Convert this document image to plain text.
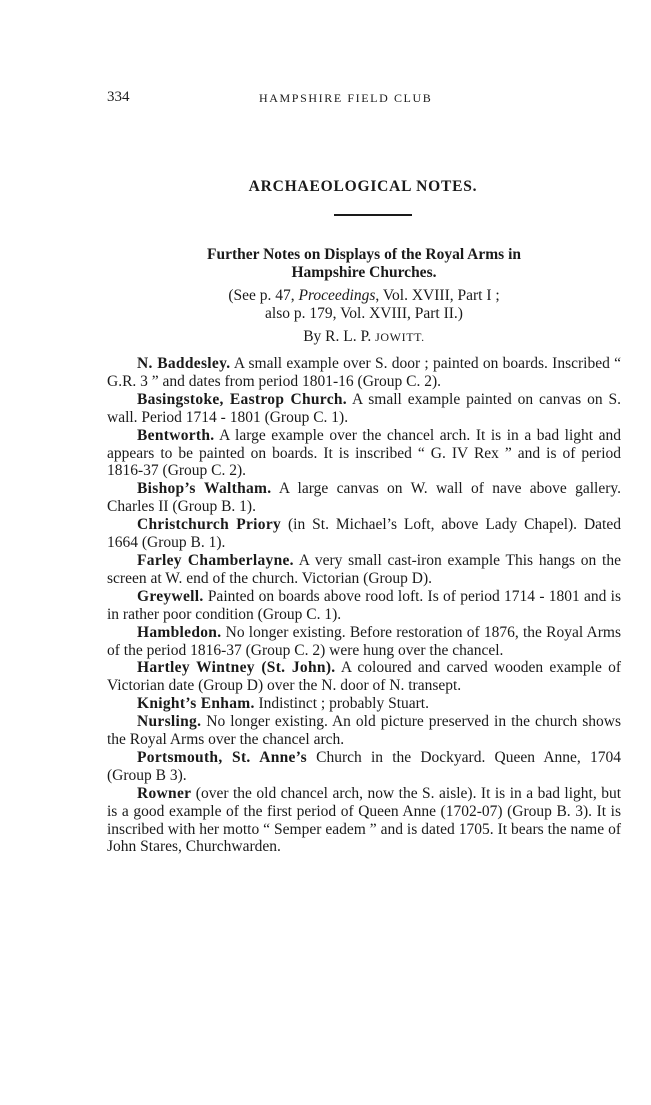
334	HAMPSHIRE FIELD CLUB
ARCHAEOLOGICAL NOTES.
Further Notes on Displays of the Royal Arms in
Hampshire Churches.
(See p. 47, Proceedings, Vol. XVIII, Part I ;
also p. 179, Vol. XVIII, Part II.)
By R. L. P. JOWITT.

N. Baddesley. A small example over S. door ; painted on boards. Inscribed “ G.R. 3 ” and dates from period 1801-16 (Group C. 2).

Basingstoke, Eastrop Church. A small example painted on canvas on S. wall. Period 1714 - 1801 (Group C. 1).

Bentworth. A large example over the chancel arch. It is in a bad light and appears to be painted on boards. It is inscribed “ G. IV Rex ” and is of period 1816-37 (Group C. 2).

Bishop’s Waltham. A large canvas on W. wall of nave above gallery. Charles II (Group B. 1).

Christchurch Priory (in St. Michael’s Loft, above Lady Chapel). Dated 1664 (Group B. 1).

Farley Chamberlayne. A very small cast-iron example This hangs on the screen at W. end of the church. Victorian (Group D).

Greywell. Painted on boards above rood loft. Is of period 1714 - 1801 and is in rather poor condition (Group C. 1).

Hambledon. No longer existing. Before restoration of 1876, the Royal Arms of the period 1816-37 (Group C. 2) were hung over the chancel.

Hartley Wintney (St. John). A coloured and carved wooden example of Victorian date (Group D) over the N. door of N. transept.

Knight’s Enham. Indistinct ; probably Stuart.

Nursling. No longer existing. An old picture preserved in the church shows the Royal Arms over the chancel arch.

Portsmouth, St. Anne’s Church in the Dockyard. Queen Anne, 1704 (Group B 3).

Rowner (over the old chancel arch, now the S. aisle). It is in a bad light, but is a good example of the first period of Queen Anne (1702-07) (Group B. 3). It is inscribed with her motto “ Semper eadem ” and is dated 1705. It bears the name of John Stares, Churchwarden.
